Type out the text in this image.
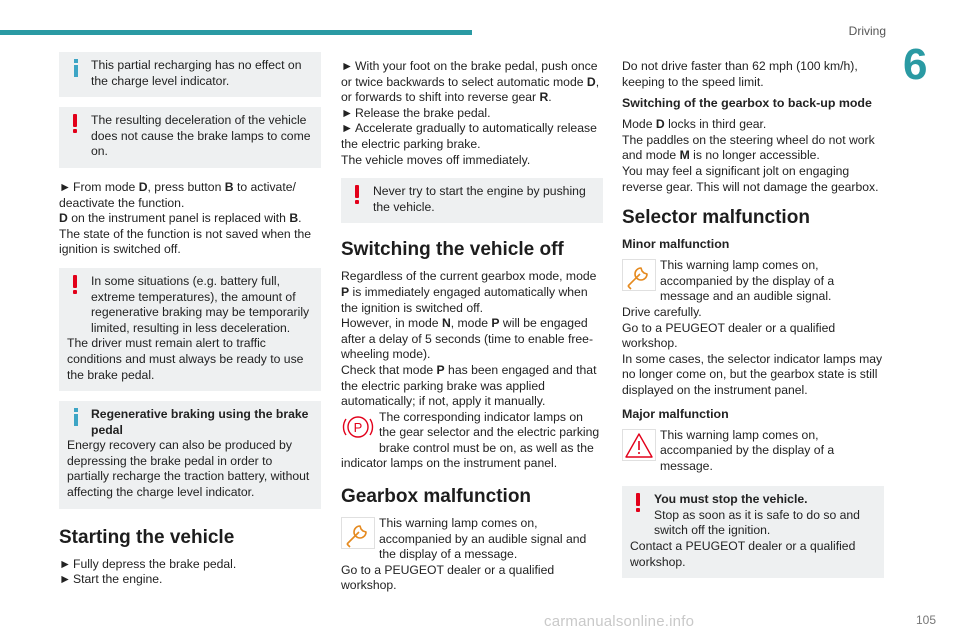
Driving
6

This partial recharging has no effect on the charge level indicator.

The resulting deceleration of the vehicle does not cause the brake lamps to come on.

► From mode D, press button B to activate/ deactivate the function.
D on the instrument panel is replaced with B.
The state of the function is not saved when the ignition is switched off.

In some situations (e.g. battery full, extreme temperatures), the amount of regenerative braking may be temporarily limited, resulting in less deceleration.

The driver must remain alert to traffic conditions and must always be ready to use the brake pedal.

Regenerative braking using the brake pedal

Energy recovery can also be produced by depressing the brake pedal in order to partially recharge the traction battery, without affecting the charge level indicator.

Starting the vehicle

► Fully depress the brake pedal.
► Start the engine.

► With your foot on the brake pedal, push once or twice backwards to select automatic mode D, or forwards to shift into reverse gear R.
► Release the brake pedal.
► Accelerate gradually to automatically release the electric parking brake.
The vehicle moves off immediately.

Never try to start the engine by pushing the vehicle.

Switching the vehicle off

Regardless of the current gearbox mode, mode P is immediately engaged automatically when the ignition is switched off.
However, in mode N, mode P will be engaged after a delay of 5 seconds (time to enable free-wheeling mode).
Check that mode P has been engaged and that the electric parking brake was applied automatically; if not, apply it manually.

P

The corresponding indicator lamps on the gear selector and the electric parking brake control must be on, as well as the indicator lamps on the instrument panel.

Gearbox malfunction

This warning lamp comes on, accompanied by an audible signal and the display of a message.

Go to a PEUGEOT dealer or a qualified workshop.

Do not drive faster than 62 mph (100 km/h), keeping to the speed limit.

Switching of the gearbox to back-up mode

Mode D locks in third gear.
The paddles on the steering wheel do not work and mode M is no longer accessible.
You may feel a significant jolt on engaging reverse gear. This will not damage the gearbox.

Selector malfunction
Minor malfunction

This warning lamp comes on, accompanied by the display of a message and an audible signal.

Drive carefully.

Go to a PEUGEOT dealer or a qualified workshop.

In some cases, the selector indicator lamps may no longer come on, but the gearbox state is still displayed on the instrument panel.

Major malfunction

This warning lamp comes on, accompanied by the display of a message.

You must stop the vehicle.

Stop as soon as it is safe to do so and switch off the ignition.

Contact a PEUGEOT dealer or a qualified workshop.

carmanualsonline.info	105
